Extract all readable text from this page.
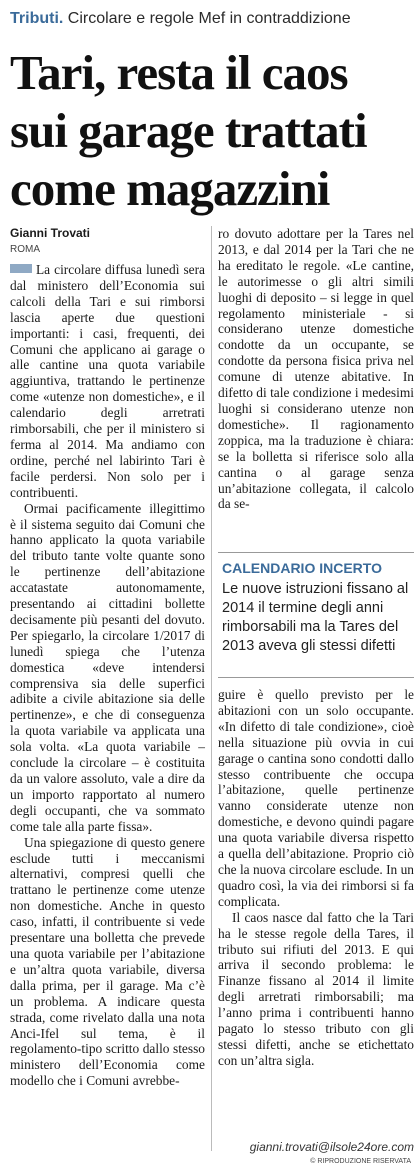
Tributi. Circolare e regole Mef in contraddizione
Tari, resta il caos
sui garage trattati
come magazzini
Gianni Trovati
ROMA

La circolare diffusa lunedì sera dal ministero dell’Economia sui calcoli della Tari e sui rimborsi lascia aperte due questioni importanti: i casi, frequenti, dei Comuni che applicano ai garage o alle cantine una quota variabile aggiuntiva, trattando le pertinenze come «utenze non domestiche», e il calendario degli arretrati rimborsabili, che per il ministero si ferma al 2014. Ma andiamo con ordine, perché nel labirinto Tari è facile perdersi. Non solo per i contribuenti.

Ormai pacificamente illegittimo è il sistema seguito dai Comuni che hanno applicato la quota variabile del tributo tante volte quante sono le pertinenze dell’abitazione accatastate autonomamente, presentando ai cittadini bollette decisamente più pesanti del dovuto. Per spiegarlo, la circolare 1/2017 di lunedì spiega che l’utenza domestica «deve intendersi comprensiva sia delle superfici adibite a civile abitazione sia delle pertinenze», e che di conseguenza la quota variabile va applicata una sola volta. «La quota variabile – conclude la circolare – è costituita da un valore assoluto, vale a dire da un importo rapportato al numero degli occupanti, che va sommato come tale alla parte fissa».

Una spiegazione di questo genere esclude tutti i meccanismi alternativi, compresi quelli che trattano le pertinenze come utenze non domestiche. Anche in questo caso, infatti, il contribuente si vede presentare una bolletta che prevede una quota variabile per l’abitazione e un’altra quota variabile, diversa dalla prima, per il garage. Ma c’è un problema. A indicare questa strada, come rivelato dalla una nota Anci-Ifel sul tema, è il regolamento-tipo scritto dallo stesso ministero dell’Economia come modello che i Comuni avrebbe-

ro dovuto adottare per la Tares nel 2013, e dal 2014 per la Tari che ne ha ereditato le regole. «Le cantine, le autorimesse o gli altri simili luoghi di deposito – si legge in quel regolamento ministeriale - si considerano utenze domestiche condotte da un occupante, se condotte da persona fisica priva nel comune di utenze abitative. In difetto di tale condizione i medesimi luoghi si considerano utenze non domestiche». Il ragionamento zoppica, ma la traduzione è chiara: se la bolletta si riferisce solo alla cantina o al garage senza un’abitazione collegata, il calcolo da se-

CALENDARIO INCERTO
Le nuove istruzioni fissano al 2014 il termine degli anni rimborsabili ma la Tares del 2013 aveva gli stessi difetti

guire è quello previsto per le abitazioni con un solo occupante. «In difetto di tale condizione», cioè nella situazione più ovvia in cui garage o cantina sono condotti dallo stesso contribuente che occupa l’abitazione, quelle pertinenze vanno considerate utenze non domestiche, e devono quindi pagare una quota variabile diversa rispetto a quella dell’abitazione. Proprio ciò che la nuova circolare esclude. In un quadro così, la via dei rimborsi si fa complicata.

Il caos nasce dal fatto che la Tari ha le stesse regole della Tares, il tributo sui rifiuti del 2013. E qui arriva il secondo problema: le Finanze fissano al 2014 il limite degli arretrati rimborsabili; ma l’anno prima i contribuenti hanno pagato lo stesso tributo con gli stessi difetti, anche se etichettato con un’altra sigla.

gianni.trovati@ilsole24ore.com
© RIPRODUZIONE RISERVATA
